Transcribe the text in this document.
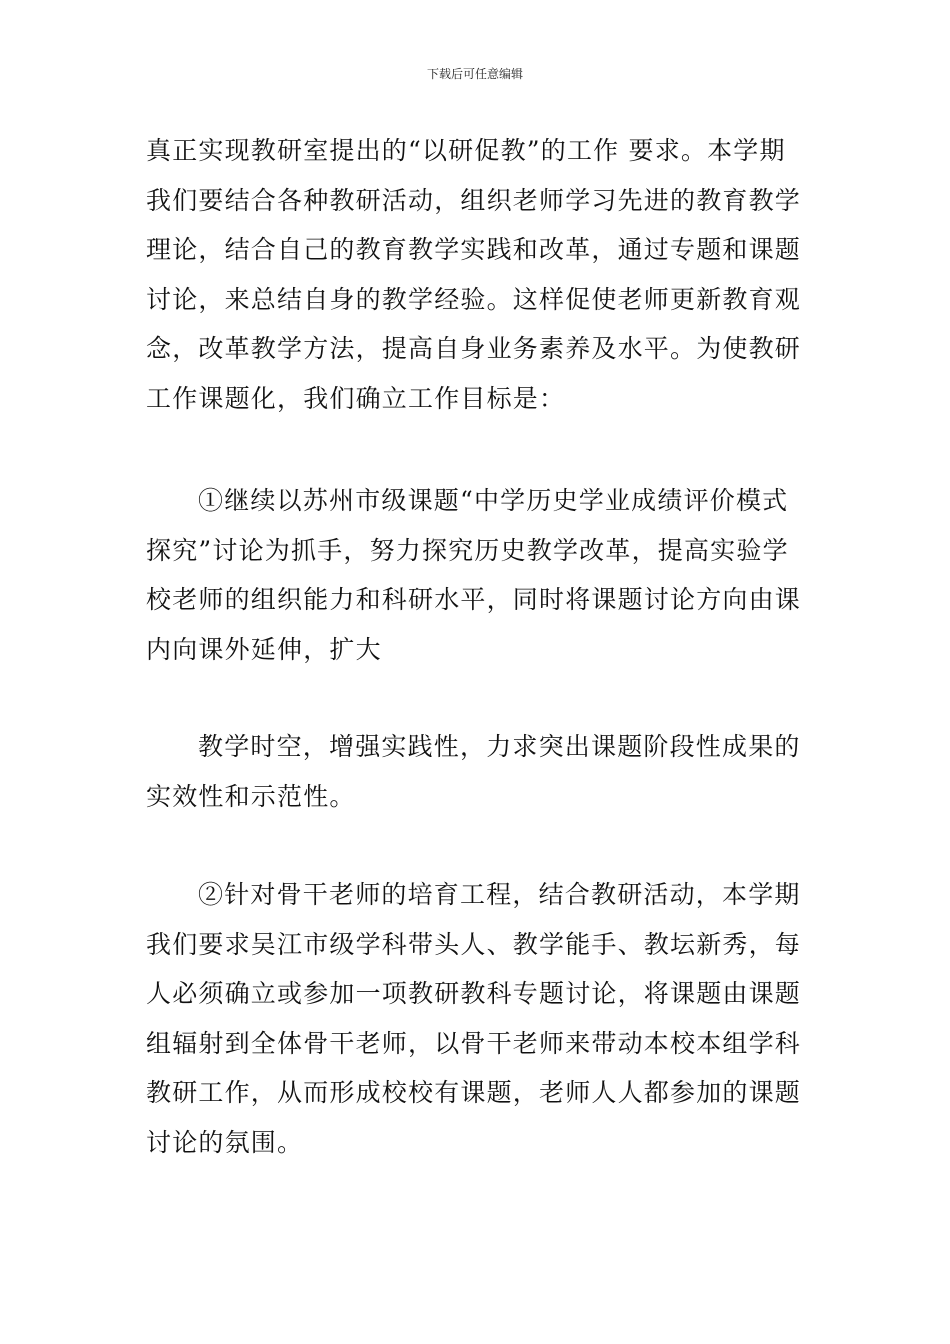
下载后可任意编辑

真正实现教研室提出的“以研促教”的工作 要求。本学期
我们要结合各种教研活动，组织老师学习先进的教育教学
理论，结合自己的教育教学实践和改革，通过专题和课题
讨论，来总结自身的教学经验。这样促使老师更新教育观
念，改革教学方法，提高自身业务素养及水平。为使教研
工作课题化，我们确立工作目标是：

①继续以苏州市级课题“中学历史学业成绩评价模式
探究”讨论为抓手，努力探究历史教学改革，提高实验学
校老师的组织能力和科研水平，同时将课题讨论方向由课
内向课外延伸，扩大

教学时空，增强实践性，力求突出课题阶段性成果的
实效性和示范性。

②针对骨干老师的培育工程，结合教研活动，本学期
我们要求吴江市级学科带头人、教学能手、教坛新秀，每
人必须确立或参加一项教研教科专题讨论，将课题由课题
组辐射到全体骨干老师，以骨干老师来带动本校本组学科
教研工作，从而形成校校有课题，老师人人都参加的课题
讨论的氛围。
